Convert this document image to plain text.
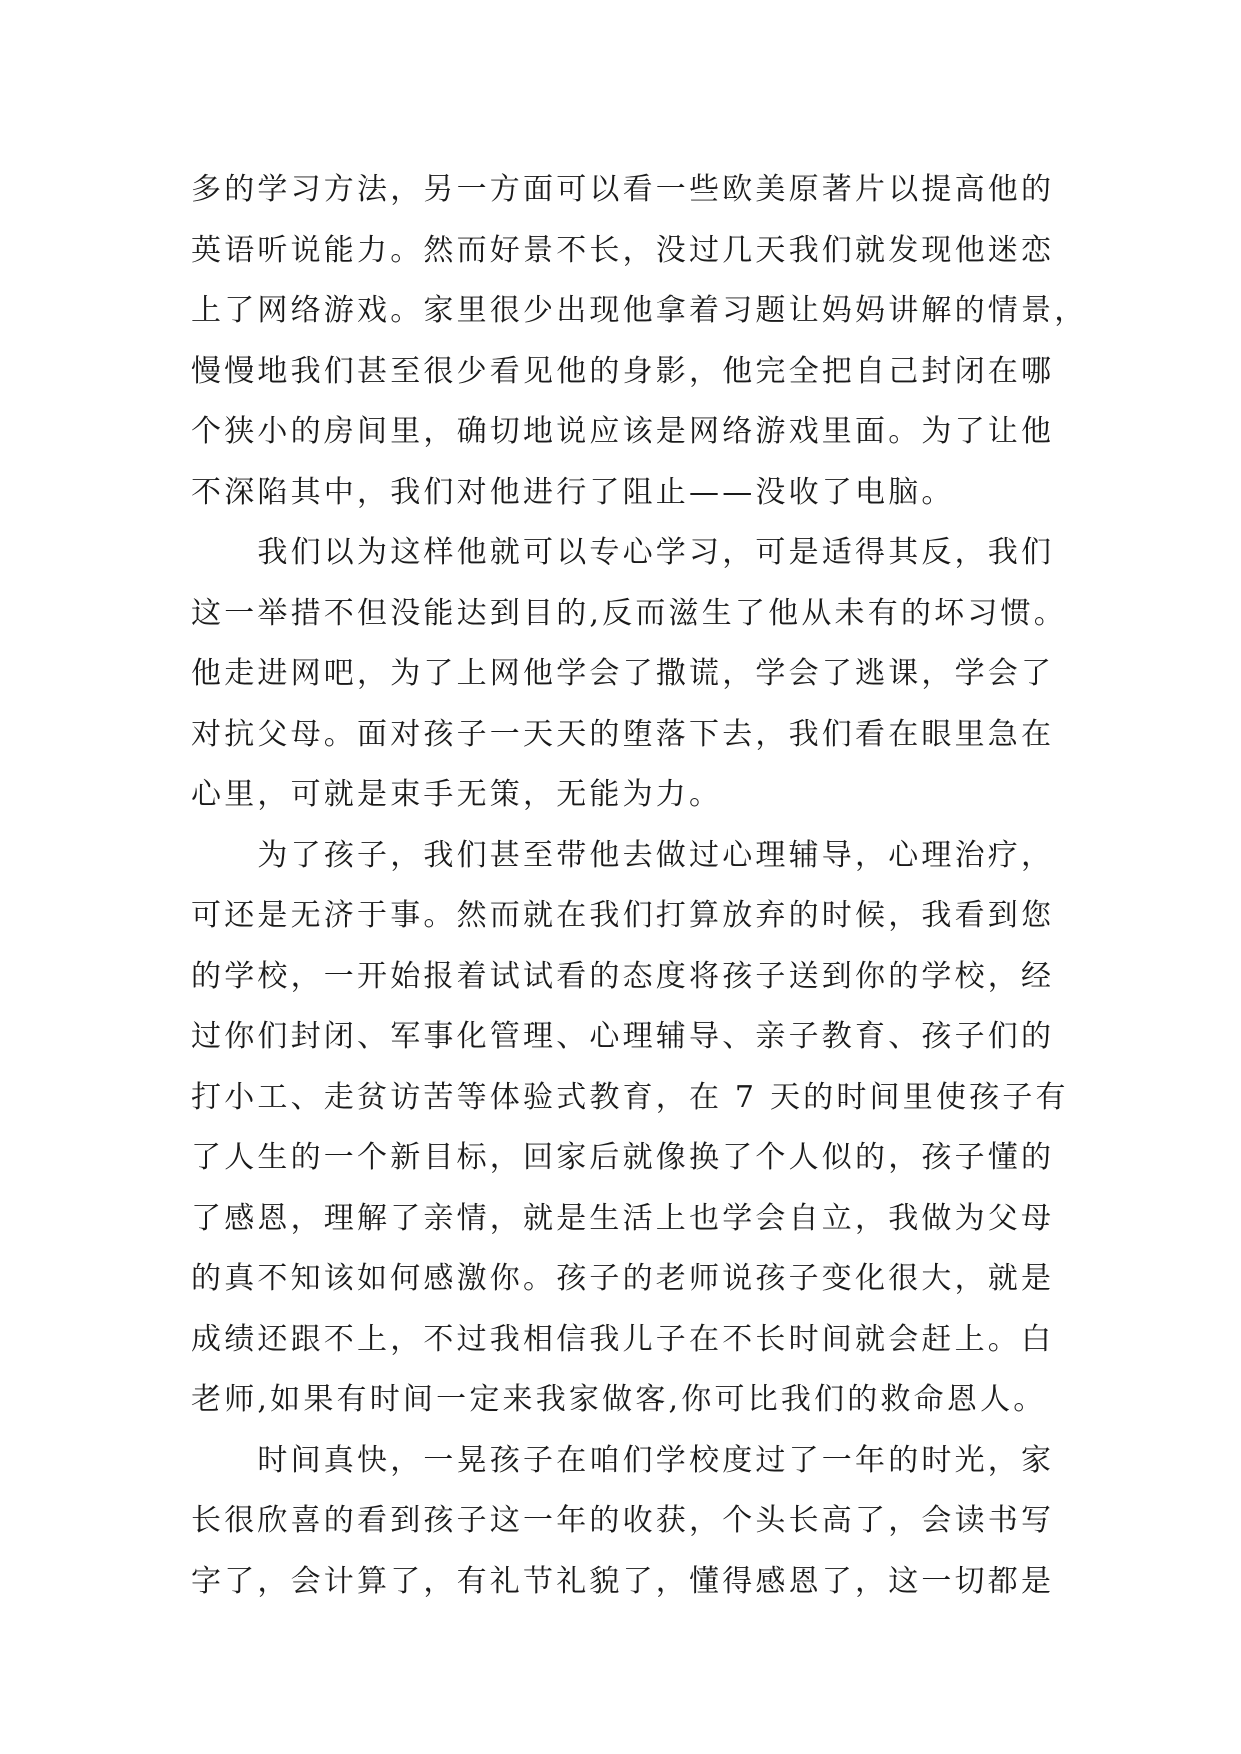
多的学习方法，另一方面可以看一些欧美原著片以提高他的
英语听说能力。然而好景不长，没过几天我们就发现他迷恋
上了网络游戏。家里很少出现他拿着习题让妈妈讲解的情景，
慢慢地我们甚至很少看见他的身影，他完全把自己封闭在哪
个狭小的房间里，确切地说应该是网络游戏里面。为了让他
不深陷其中，我们对他进行了阻止——没收了电脑。
　　我们以为这样他就可以专心学习，可是适得其反，我们
这一举措不但没能达到目的,反而滋生了他从未有的坏习惯。
他走进网吧，为了上网他学会了撒谎，学会了逃课，学会了
对抗父母。面对孩子一天天的堕落下去，我们看在眼里急在
心里，可就是束手无策，无能为力。
　　为了孩子，我们甚至带他去做过心理辅导，心理治疗，
可还是无济于事。然而就在我们打算放弃的时候，我看到您
的学校，一开始报着试试看的态度将孩子送到你的学校，经
过你们封闭、军事化管理、心理辅导、亲子教育、孩子们的
打小工、走贫访苦等体验式教育，在 7 天的时间里使孩子有
了人生的一个新目标，回家后就像换了个人似的，孩子懂的
了感恩，理解了亲情，就是生活上也学会自立，我做为父母
的真不知该如何感激你。孩子的老师说孩子变化很大，就是
成绩还跟不上，不过我相信我儿子在不长时间就会赶上。白
老师,如果有时间一定来我家做客,你可比我们的救命恩人。
　　时间真快，一晃孩子在咱们学校度过了一年的时光，家
长很欣喜的看到孩子这一年的收获，个头长高了，会读书写
字了，会计算了，有礼节礼貌了，懂得感恩了，这一切都是
